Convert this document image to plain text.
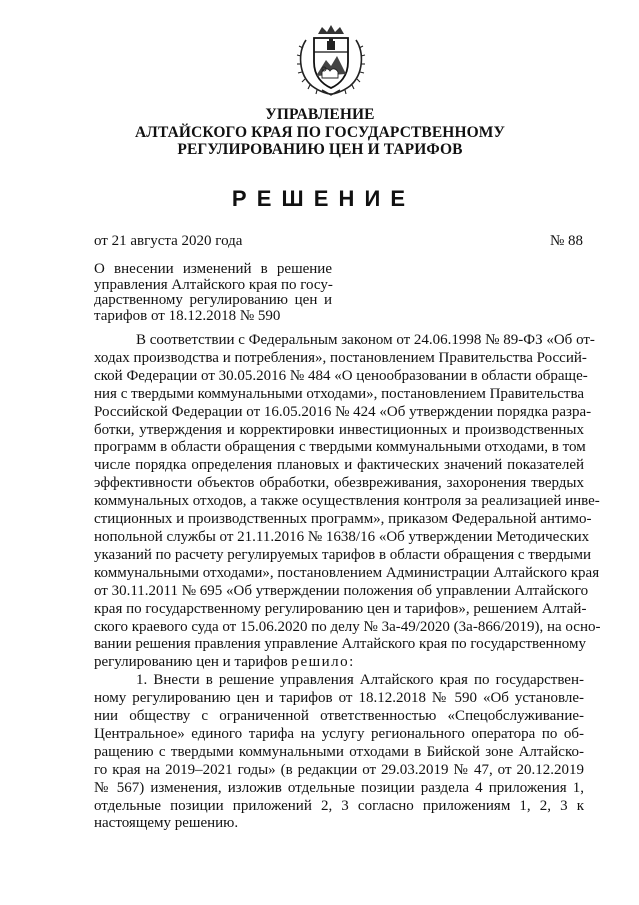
УПРАВЛЕНИЕ
АЛТАЙСКОГО КРАЯ ПО ГОСУДАРСТВЕННОМУ
РЕГУЛИРОВАНИЮ ЦЕН И ТАРИФОВ
Р Е Ш Е Н И Е
от 21 августа 2020 года	№ 88
О внесении изменений в решение
управления Алтайского края по госу-
дарственному регулированию цен и
тарифов от 18.12.2018 № 590
В соответствии с Федеральным законом от 24.06.1998 № 89-ФЗ «Об от-
ходах производства и потребления», постановлением Правительства Россий-
ской Федерации от 30.05.2016 № 484 «О ценообразовании в области обраще-
ния с твердыми коммунальными отходами», постановлением Правительства
Российской Федерации от 16.05.2016 № 424 «Об утверждении порядка разра-
ботки, утверждения и корректировки инвестиционных и производственных
программ в области обращения с твердыми коммунальными отходами, в том
числе порядка определения плановых и фактических значений показателей
эффективности объектов обработки, обезвреживания, захоронения твердых
коммунальных отходов, а также осуществления контроля за реализацией инве-
стиционных и производственных программ», приказом Федеральной антимо-
нопольной службы от 21.11.2016 № 1638/16 «Об утверждении Методических
указаний по расчету регулируемых тарифов в области обращения с твердыми
коммунальными отходами», постановлением Администрации Алтайского края
от 30.11.2011 № 695 «Об утверждении положения об управлении Алтайского
края по государственному регулированию цен и тарифов», решением Алтай-
ского краевого суда от 15.06.2020 по делу № 3а-49/2020 (3а-866/2019), на осно-
вании решения правления управление Алтайского края по государственному
регулированию цен и тарифов решило:
1. Внести в решение управления Алтайского края по государствен-
ному регулированию цен и тарифов от 18.12.2018 № 590 «Об установле-
нии обществу с ограниченной ответственностью «Спецобслуживание-
Центральное» единого тарифа на услугу регионального оператора по об-
ращению с твердыми коммунальными отходами в Бийской зоне Алтайско-
го края на 2019–2021 годы» (в редакции от 29.03.2019 № 47, от 20.12.2019
№ 567) изменения, изложив отдельные позиции раздела 4 приложения 1,
отдельные позиции приложений 2, 3 согласно приложениям 1, 2, 3 к
настоящему решению.
